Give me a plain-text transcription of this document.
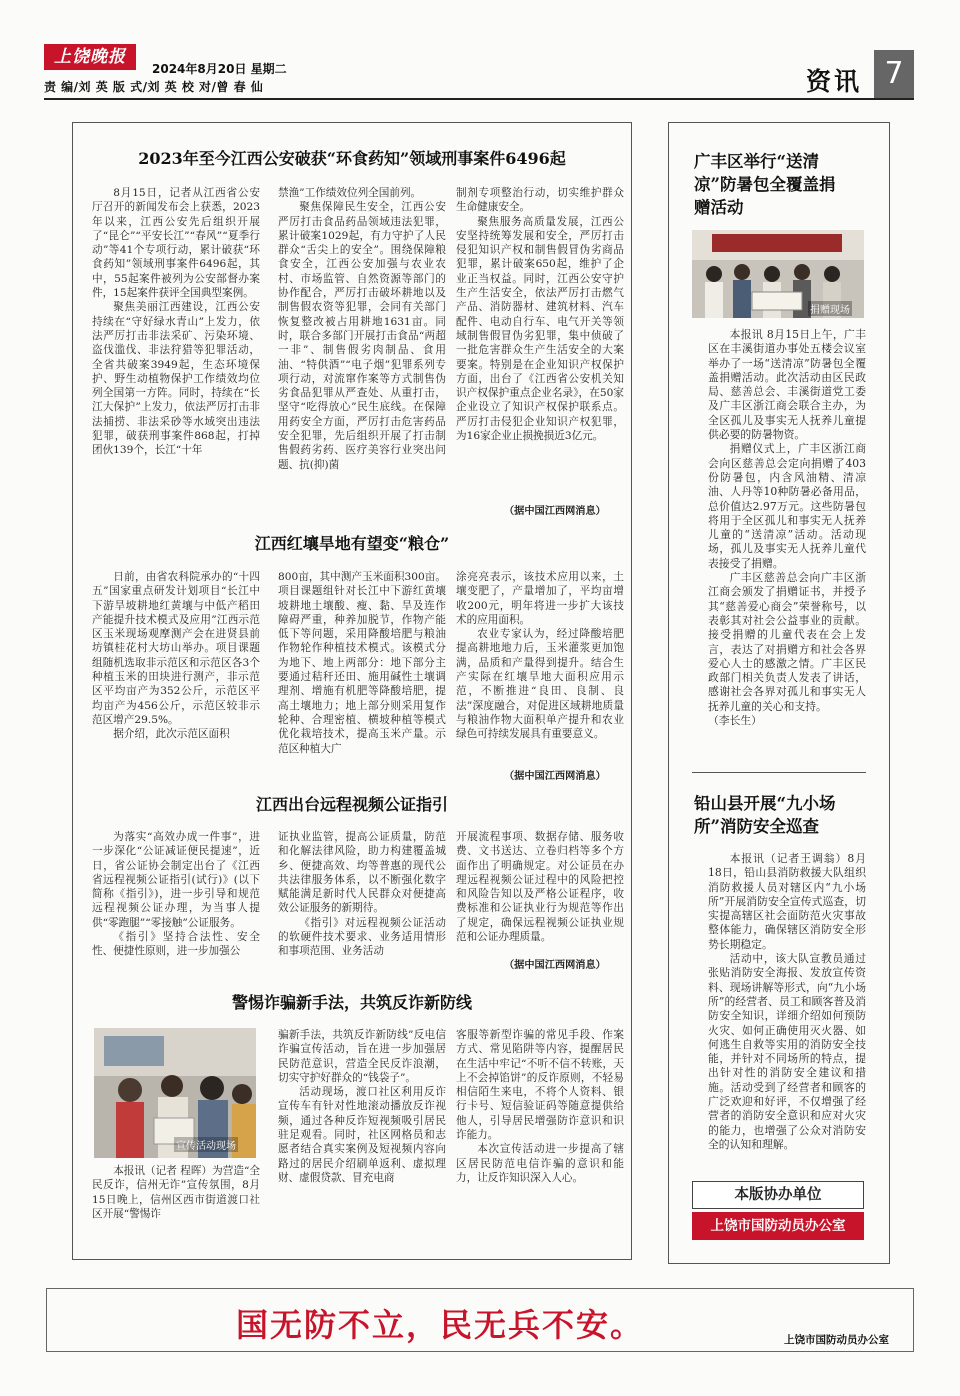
上饶晚报
2024年8月20日 星期二
责 编/刘 英 版 式/刘 英 校 对/曾 春 仙	资讯 7
2023年至今江西公安破获“环食药知”领域刑事案件6496起

8月15日，记者从江西省公安厅召开的新闻发布会上获悉，2023年以来，江西公安先后组织开展了“昆仑”“平安长江”“春风”“夏季行动”等41个专项行动，累计破获“环食药知”领域刑事案件6496起，其中，55起案件被列为公安部督办案件，15起案件获评全国典型案例。

聚焦美丽江西建设，江西公安持续在“守好绿水青山”上发力，依法严厉打击非法采矿、污染环境、盗伐滥伐、非法狩猎等犯罪活动，全省共破案3949起，生态环境保护、野生动植物保护工作绩效均位列全国第一方阵。同时，持续在“长江大保护”上发力，依法严厉打击非法捕捞、非法采砂等水域突出违法犯罪，破获刑事案件868起，打掉团伙139个，长江“十年

禁渔”工作绩效位列全国前列。

聚焦保障民生安全，江西公安严厉打击食品药品领域违法犯罪，累计破案1029起，有力守护了人民群众“舌尖上的安全”。围绕保障粮食安全，江西公安加强与农业农村、市场监管、自然资源等部门的协作配合，严厉打击破坏耕地以及制售假农资等犯罪，会同有关部门恢复整改被占用耕地1631亩。同时，联合多部门开展打击食品“两超一非”、制售假劣肉制品、食用油、“特供酒”“电子烟”犯罪系列专项行动，对流窜作案等方式制售伪劣食品犯罪从严查处、从重打击，坚守“吃得放心”民生底线。在保障用药安全方面，严厉打击危害药品安全犯罪，先后组织开展了打击制售假药劣药、医疗美容行业突出问题、抗(抑)菌

制剂专项整治行动，切实维护群众生命健康安全。

聚焦服务高质量发展，江西公安坚持统筹发展和安全，严厉打击侵犯知识产权和制售假冒伪劣商品犯罪，累计破案650起，维护了企业正当权益。同时，江西公安守护生产生活安全，依法严厉打击燃气产品、消防器材、建筑材料、汽车配件、电动自行车、电气开关等领域制售假冒伪劣犯罪，集中侦破了一批危害群众生产生活安全的大案要案。特别是在企业知识产权保护方面，出台了《江西省公安机关知识产权保护重点企业名录》，在50家企业设立了知识产权保护联系点。严厉打击侵犯企业知识产权犯罪，为16家企业止损挽损近3亿元。

（据中国江西网消息）
江西红壤旱地有望变“粮仓”

日前，由省农科院承办的“十四五”国家重点研发计划项目“长江中下游旱坡耕地红黄壤与中低产稻田产能提升技术模式及应用”江西示范区玉米现场观摩测产会在进贤县前坊镇桂花村大坊山举办。项目课题组随机选取非示范区和示范区各3个种植玉米的田块进行测产，非示范区平均亩产为352公斤，示范区平均亩产为456公斤，示范区较非示范区增产29.5%。

据介绍，此次示范区面积

800亩，其中测产玉米面积300亩。项目课题组针对长江中下游红黄壤坡耕地土壤酸、瘦、黏、旱及连作障碍严重，种养加脱节，作物产能低下等问题，采用降酸培肥与粮油作物轮作种植技术模式。该模式分为地下、地上两部分：地下部分主要通过秸秆还田、施用碱性土壤调理剂、增施有机肥等降酸培肥，提高土壤地力；地上部分则采用复作轮种、合理密植、横坡种植等模式优化栽培技术，提高玉米产量。示范区种植大广

涂亮亮表示，该技术应用以来，土壤变肥了，产量增加了，平均亩增收200元，明年将进一步扩大该技术的应用面积。

农业专家认为，经过降酸培肥提高耕地地力后，玉米灌浆更加饱满，品质和产量得到提升。结合生产实际在红壤旱地大面积应用示范，不断推进“良田、良制、良法”深度融合，对促进区域耕地质量与粮油作物大面积单产提升和农业绿色可持续发展具有重要意义。

（据中国江西网消息）
江西出台远程视频公证指引

为落实“高效办成一件事”，进一步深化“公证减证便民提速”，近日，省公证协会制定出台了《江西省远程视频公证指引(试行)》(以下简称《指引》)，进一步引导和规范远程视频公证办理，为当事人提供“零跑腿”“零接触”公证服务。

《指引》坚持合法性、安全性、便捷性原则，进一步加强公

证执业监管，提高公证质量，防范和化解法律风险，助力构建覆盖城乡、便捷高效、均等普惠的现代公共法律服务体系，以不断强化数字赋能满足新时代人民群众对便捷高效公证服务的新期待。

《指引》对远程视频公证活动的软硬件技术要求、业务适用情形和事项范围、业务活动

开展流程事项、数据存储、服务收费、文书送达、立卷归档等多个方面作出了明确规定。对公证员在办理远程视频公证过程中的风险把控和风险告知以及严格公证程序，收费标准和公证执业行为规范等作出了规定，确保远程视频公证执业规范和公证办理质量。

（据中国江西网消息）
警惕诈骗新手法，共筑反诈新防线
宣传活动现场

本报讯（记者 程晖）为营造“全民反诈，信州无诈”宣传氛围，8月15日晚上，信州区西市街道渡口社区开展“警惕诈

骗新手法，共筑反诈新防线”反电信诈骗宣传活动，旨在进一步加强居民防范意识，营造全民反诈浪潮，切实守护好群众的“钱袋子”。

活动现场，渡口社区利用反诈宣传车有针对性地滚动播放反诈视频，通过各种反诈短视频吸引居民驻足观看。同时，社区网格员和志愿者结合真实案例及短视频内容向路过的居民介绍刷单返利、虚拟理财、虚假贷款、冒充电商

客服等新型诈骗的常见手段、作案方式、常见陷阱等内容，提醒居民在生活中牢记“不听不信不转账，天上不会掉馅饼”的反诈原则，不轻易相信陌生来电，不将个人资料、银行卡号、短信验证码等随意提供给他人，引导居民增强防诈意识和识诈能力。

本次宣传活动进一步提高了辖区居民防范电信诈骗的意识和能力，让反诈知识深入人心。

广丰区举行“送清凉”防暑包全覆盖捐赠活动
捐赠现场

本报讯 8月15日上午，广丰区在丰溪街道办事处五楼会议室举办了一场“送清凉”防暑包全覆盖捐赠活动。此次活动由区民政局、慈善总会、丰溪街道党工委及广丰区浙江商会联合主办，为全区孤儿及事实无人抚养儿童提供必要的防暑物资。

捐赠仪式上，广丰区浙江商会向区慈善总会定向捐赠了403份防暑包，内含风油精、清凉油、人丹等10种防暑必备用品，总价值达2.97万元。这些防暑包将用于全区孤儿和事实无人抚养儿童的“送清凉”活动。活动现场，孤儿及事实无人抚养儿童代表接受了捐赠。

广丰区慈善总会向广丰区浙江商会颁发了捐赠证书，并授予其“慈善爱心商会”荣誉称号，以表彰其对社会公益事业的贡献。接受捐赠的儿童代表在会上发言，表达了对捐赠方和社会各界爱心人士的感激之情。广丰区民政部门相关负责人发表了讲话，感谢社会各界对孤儿和事实无人抚养儿童的关心和支持。

（李长生）
铅山县开展“九小场所”消防安全巡查

本报讯（记者王调翁）8月18日，铅山县消防救援大队组织消防救援人员对辖区内“九小场所”开展消防安全宣传式巡查，切实提高辖区社会面防范火灾事故整体能力，确保辖区消防安全形势长期稳定。

活动中，该大队宣教员通过张贴消防安全海报、发放宣传资料、现场讲解等形式，向“九小场所”的经营者、员工和顾客普及消防安全知识，详细介绍如何预防火灾、如何正确使用灭火器、如何逃生自救等实用的消防安全技能，并针对不同场所的特点，提出针对性的消防安全建议和措施。活动受到了经营者和顾客的广泛欢迎和好评，不仅增强了经营者的消防安全意识和应对火灾的能力，也增强了公众对消防安全的认知和理解。

本版协办单位
上饶市国防动员办公室
国无防不立，民无兵不安。	上饶市国防动员办公室
